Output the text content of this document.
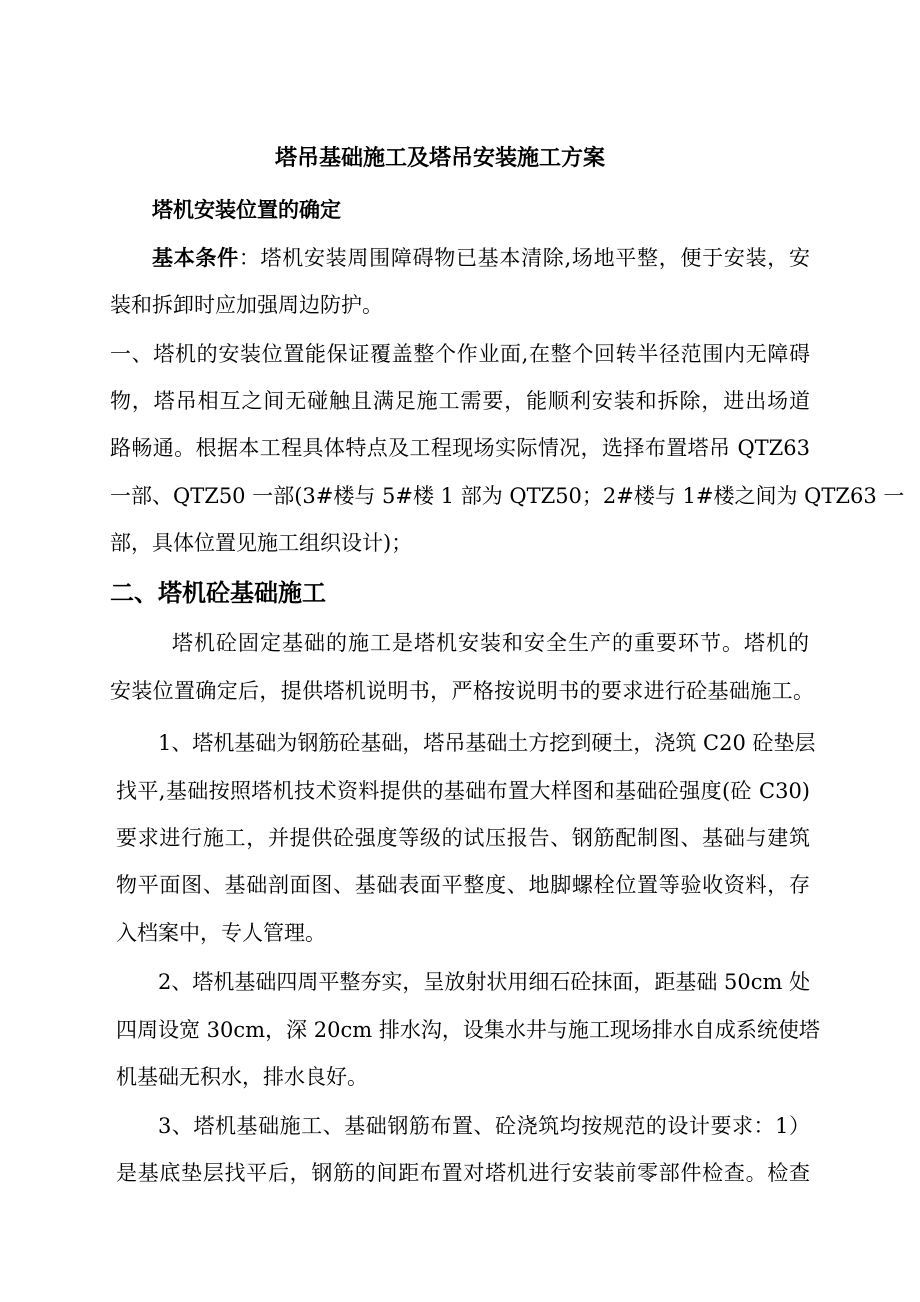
塔吊基础施工及塔吊安装施工方案
塔机安装位置的确定
基本条件：塔机安装周围障碍物已基本清除,场地平整，便于安装，安
装和拆卸时应加强周边防护。
一、塔机的安装位置能保证覆盖整个作业面,在整个回转半径范围内无障碍
物，塔吊相互之间无碰触且满足施工需要，能顺利安装和拆除，进出场道
路畅通。根据本工程具体特点及工程现场实际情况，选择布置塔吊 QTZ63
一部、QTZ50 一部(3#楼与 5#楼 1 部为 QTZ50；2#楼与 1#楼之间为 QTZ63 一
部，具体位置见施工组织设计)；
二、塔机砼基础施工
塔机砼固定基础的施工是塔机安装和安全生产的重要环节。塔机的
安装位置确定后，提供塔机说明书，严格按说明书的要求进行砼基础施工。
1、塔机基础为钢筋砼基础，塔吊基础土方挖到硬土，浇筑 C20 砼垫层
找平,基础按照塔机技术资料提供的基础布置大样图和基础砼强度(砼 C30)
要求进行施工，并提供砼强度等级的试压报告、钢筋配制图、基础与建筑
物平面图、基础剖面图、基础表面平整度、地脚螺栓位置等验收资料，存
入档案中，专人管理。
2、塔机基础四周平整夯实，呈放射状用细石砼抹面，距基础 50cm 处
四周设宽 30cm，深 20cm 排水沟，设集水井与施工现场排水自成系统使塔
机基础无积水，排水良好。
3、塔机基础施工、基础钢筋布置、砼浇筑均按规范的设计要求：1）
是基底垫层找平后，钢筋的间距布置对塔机进行安装前零部件检查。检查
